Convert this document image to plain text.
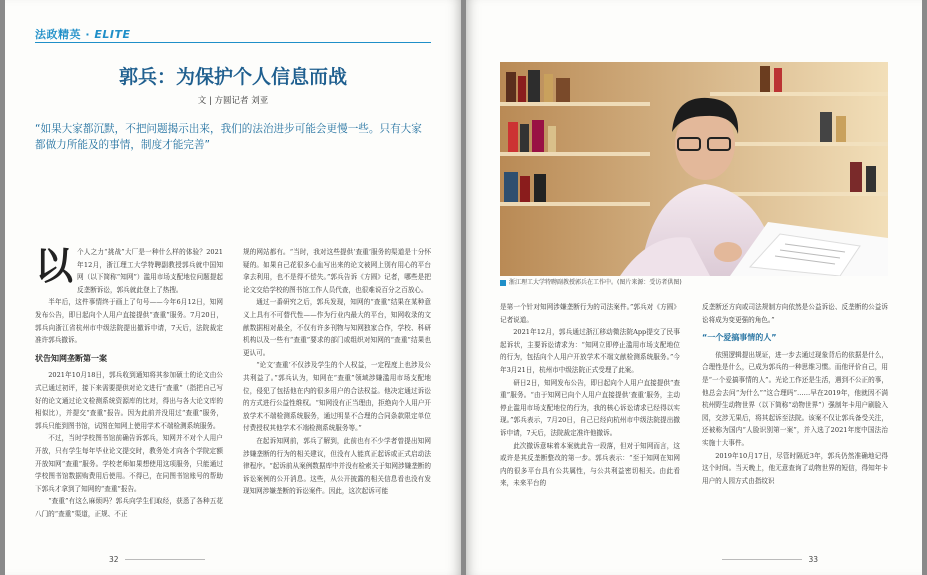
法政精英 · ELITE
郭兵：为保护个人信息而战
文 | 方圆记者 刘亚
“如果大家都沉默，不把问题揭示出来，我们的法治进步可能会更慢一些。只有大家都做力所能及的事情，制度才能完善”

以个人之力“挑战”大厂是一种什么样的体验？2021年12月，浙江理工大学特聘副教授郭兵就中国知网（以下简称“知网”）滥用市场支配地位问题提起反垄断诉讼，郭兵就此登上了热搜。

半年后，这件事情终于画上了句号——今年6月12日，知网发布公告，即日起向个人用户直接提供“查重”服务。7月20日，郭兵向浙江省杭州市中级法院提出撤诉申请，7天后，法院裁定准许郭兵撤诉。

状告知网垄断第一案

2021年10月18日，郭兵收到通知将其参加硕士的论文由公式已通过初评，接下来需要提供对论文进行“查重”（指把自己写好的论文通过论文检测系统资源库的比对，得出与各大论文库的相似比），并提交“查重”报告。因为此前并没用过“查重”服务，郭兵只能到图书馆，试图在知网上使用学术不端检测系统服务。

不过，当时学校图书馆前确告诉郭兵，知网并不对个人用户开放，只有学生每年毕业论文提交时，教务处才向各个学院定额开放知网“查重”服务。学校老师如果想使用这项服务，只能通过学校图书馆数据购费用后使用。不得已，在同图书馆账号的帮助下郭兵才拿到了知网的“查重”报告。

“查重”有这么麻烦吗？郭兵向学生们取经，获悉了各种五花八门的“查重”渠道，正规、不正

规的网站都有。“当时，我对这些提供‘查重’服务的渠道是十分怀疑的。如果自己花很多心血写出来的论文被网上别有用心的平台拿去利用，也不是得不偿失。”郭兵告诉《方圆》记者，哪些是把论文交给学校的图书馆工作人员代查，也很难说百分之百放心。

通过一番研究之后，郭兵发现，知网的“查重”结果在某种意义上具有不可替代性——作为行业内最大的平台，知网收录的文献数据相对最全，不仅有许多刊物与知网独家合作，学校、科研机构以及一些有“查重”要求的部门或组织对知网的“查重”结果也更认可。

“论文‘查重’不仅涉及学生的个人权益，一定程度上也涉及公共利益了。”郭兵认为，知网在“查重”领域涉嫌滥用市场支配地位，侵犯了包括他在内的很多用户的合法权益。他决定通过诉讼的方式进行公益性维权。“知网没有正当理由，拒绝向个人用户开放学术不端检测系统服务，通过明显不合理的合同条款限定单位付费授权其他学术不端检测系统服务等。”

在起诉知网前，郭兵了解到，此前也有不少学者曾提出知网涉嫌垄断的行为的相关建议，但没有人能真正起诉或正式启动法律程序。“起诉前从案例数据库中并没有检索关于知网涉嫌垄断的诉讼案例的公开消息。这些，从公开披露的相关信息看也没有发现知网涉嫌垄断的诉讼案件。因此，这次起诉可能

32
浙江理工大学特聘副教授郭兵在工作中。(图片来源：受访者供图)

是第一个针对知网涉嫌垄断行为的司法案件。”郭兵对《方圆》记者说道。

2021年12月，郭兵通过浙江移动微法院App提交了民事起诉状，主要诉讼请求为：“知网立即停止滥用市场支配地位的行为，包括向个人用户开放学术不端文献检测系统服务。”今年3月21日，杭州市中级法院正式受理了此案。

研日2日，知网发布公告，即日起向个人用户直接提供“查重”服务。“由于知网已向个人用户直接提供‘查重’服务，主动停止滥用市场支配地位的行为，我的核心诉讼请求已经得以实现。”郭兵表示，7月20日，自己已经向杭州市中级法院提出撤诉申请，7天后，法院裁定准许他撤诉。

此次撤诉意味着本案就此告一段落，但对于知网而言，这或许是其反垄断整改的第一步。郭兵表示：“至于知网在知网内的很多平台具有公共属性，与公共利益密切相关。由此看来，未来平台的

反垄断还方向或司法规制方向依然是公益诉讼、反垄断的公益诉讼将成为变更强的角色。”

“一个爱搞事情的人”

依照逻辑提出规证，进一步去通过现象背后的依据是什么，合理性是什么，已成为郭兵的一种思维习惯。而他评价自己，用是“一个爱搞事情的人”。光论工作还是生活，遇到不公正的事，他总会去问“为什么”“这合理吗”……早在2019年，他就因不满杭州野生动物世界（以下简称“动物世界”）强制年卡用户刷脸入园，交涉无果后，将其起诉至法院。该案不仅让郭兵备受关注，还被称为国内“人脸识别第一案”，并入选了2021年度中国法治实施十大事件。

2019年10月17日，尽管时隔近3年，郭兵仍然准确地记得这个时间。当天晚上，他无意查询了动物世界的短信，得知年卡用户的人园方式由指纹识

33
